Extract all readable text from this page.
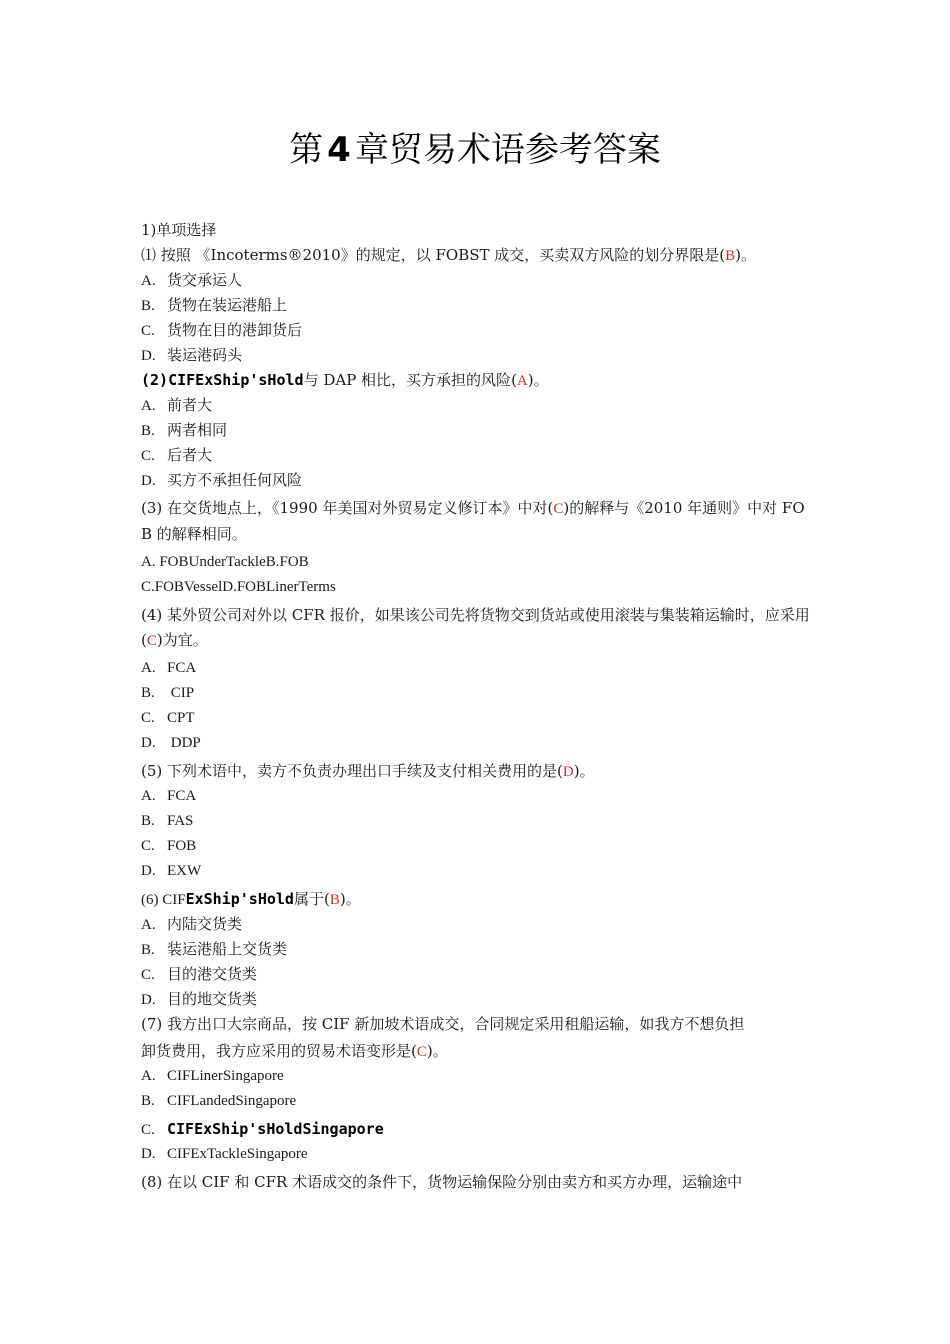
第 4 章贸易术语参考答案
1)单项选择
⑴ 按照 《Incoterms®2010》的规定，以 FOBST 成交，买卖双方风险的划分界限是(B)。
A. 货交承运人
B. 货物在装运港船上
C. 货物在目的港卸货后
D. 装运港码头
(2)CIFExShip'sHold与 DAP 相比，买方承担的风险(A)。
A. 前者大
B. 两者相同
C. 后者大
D. 买方不承担任何风险
(3) 在交货地点上，《1990 年美国对外贸易定义修订本》中对(C)的解释与《2010 年通则》中对 FOB 的解释相同。
A. FOBUnderTackleB.FOB
C.FOBVesselD.FOBLinerTerms
(4) 某外贸公司对外以 CFR 报价，如果该公司先将货物交到货站或使用滚装与集装箱运输时，应采用(C)为宜。
A. FCA
B. CIP
C. CPT
D. DDP
(5) 下列术语中，卖方不负责办理出口手续及支付相关费用的是(D)。
A. FCA
B. FAS
C. FOB
D. EXW
(6) CIFExShip'sHold属于(B)。
A. 内陆交货类
B. 装运港船上交货类
C. 目的港交货类
D. 目的地交货类
(7) 我方出口大宗商品，按 CIF 新加坡术语成交，合同规定采用租船运输，如我方不想负担
卸货费用，我方应采用的贸易术语变形是(C)。
A. CIFLinerSingapore
B. CIFLandedSingapore
C. CIFExShip'sHoldSingapore
D. CIFExTackleSingapore
(8) 在以 CIF 和 CFR 术语成交的条件下，货物运输保险分别由卖方和买方办理，运输途中
